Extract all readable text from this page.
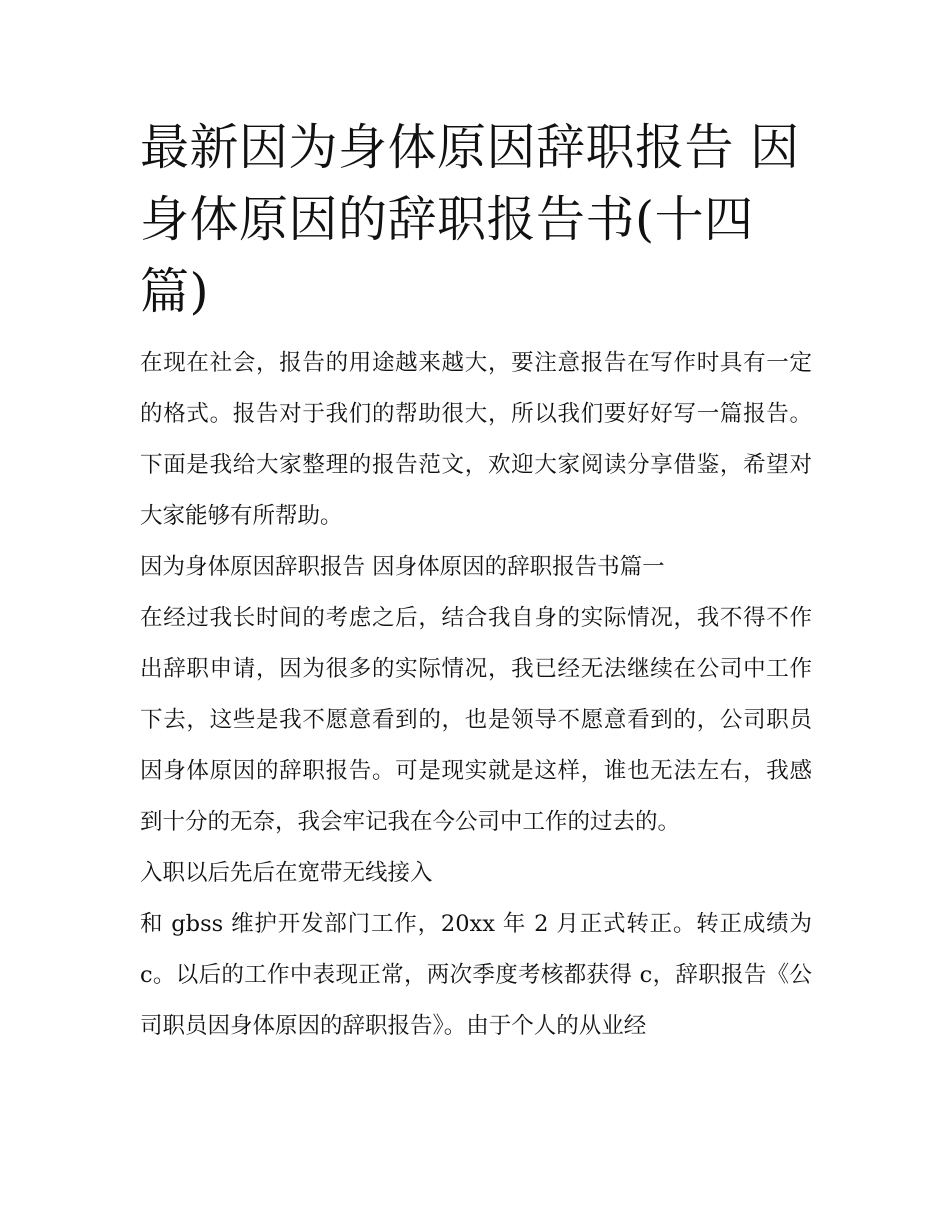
最新因为身体原因辞职报告 因身体原因的辞职报告书(十四篇)

在现在社会，报告的用途越来越大，要注意报告在写作时具有一定的格式。报告对于我们的帮助很大，所以我们要好好写一篇报告。下面是我给大家整理的报告范文，欢迎大家阅读分享借鉴，希望对大家能够有所帮助。

因为身体原因辞职报告 因身体原因的辞职报告书篇一

在经过我长时间的考虑之后，结合我自身的实际情况，我不得不作出辞职申请，因为很多的实际情况，我已经无法继续在公司中工作下去，这些是我不愿意看到的，也是领导不愿意看到的，公司职员因身体原因的辞职报告。可是现实就是这样，谁也无法左右，我感到十分的无奈，我会牢记我在今公司中工作的过去的。

入职以后先后在宽带无线接入

和 gbss 维护开发部门工作，20xx 年 2 月正式转正。转正成绩为 c。以后的工作中表现正常，两次季度考核都获得 c，辞职报告《公司职员因身体原因的辞职报告》。由于个人的从业经
